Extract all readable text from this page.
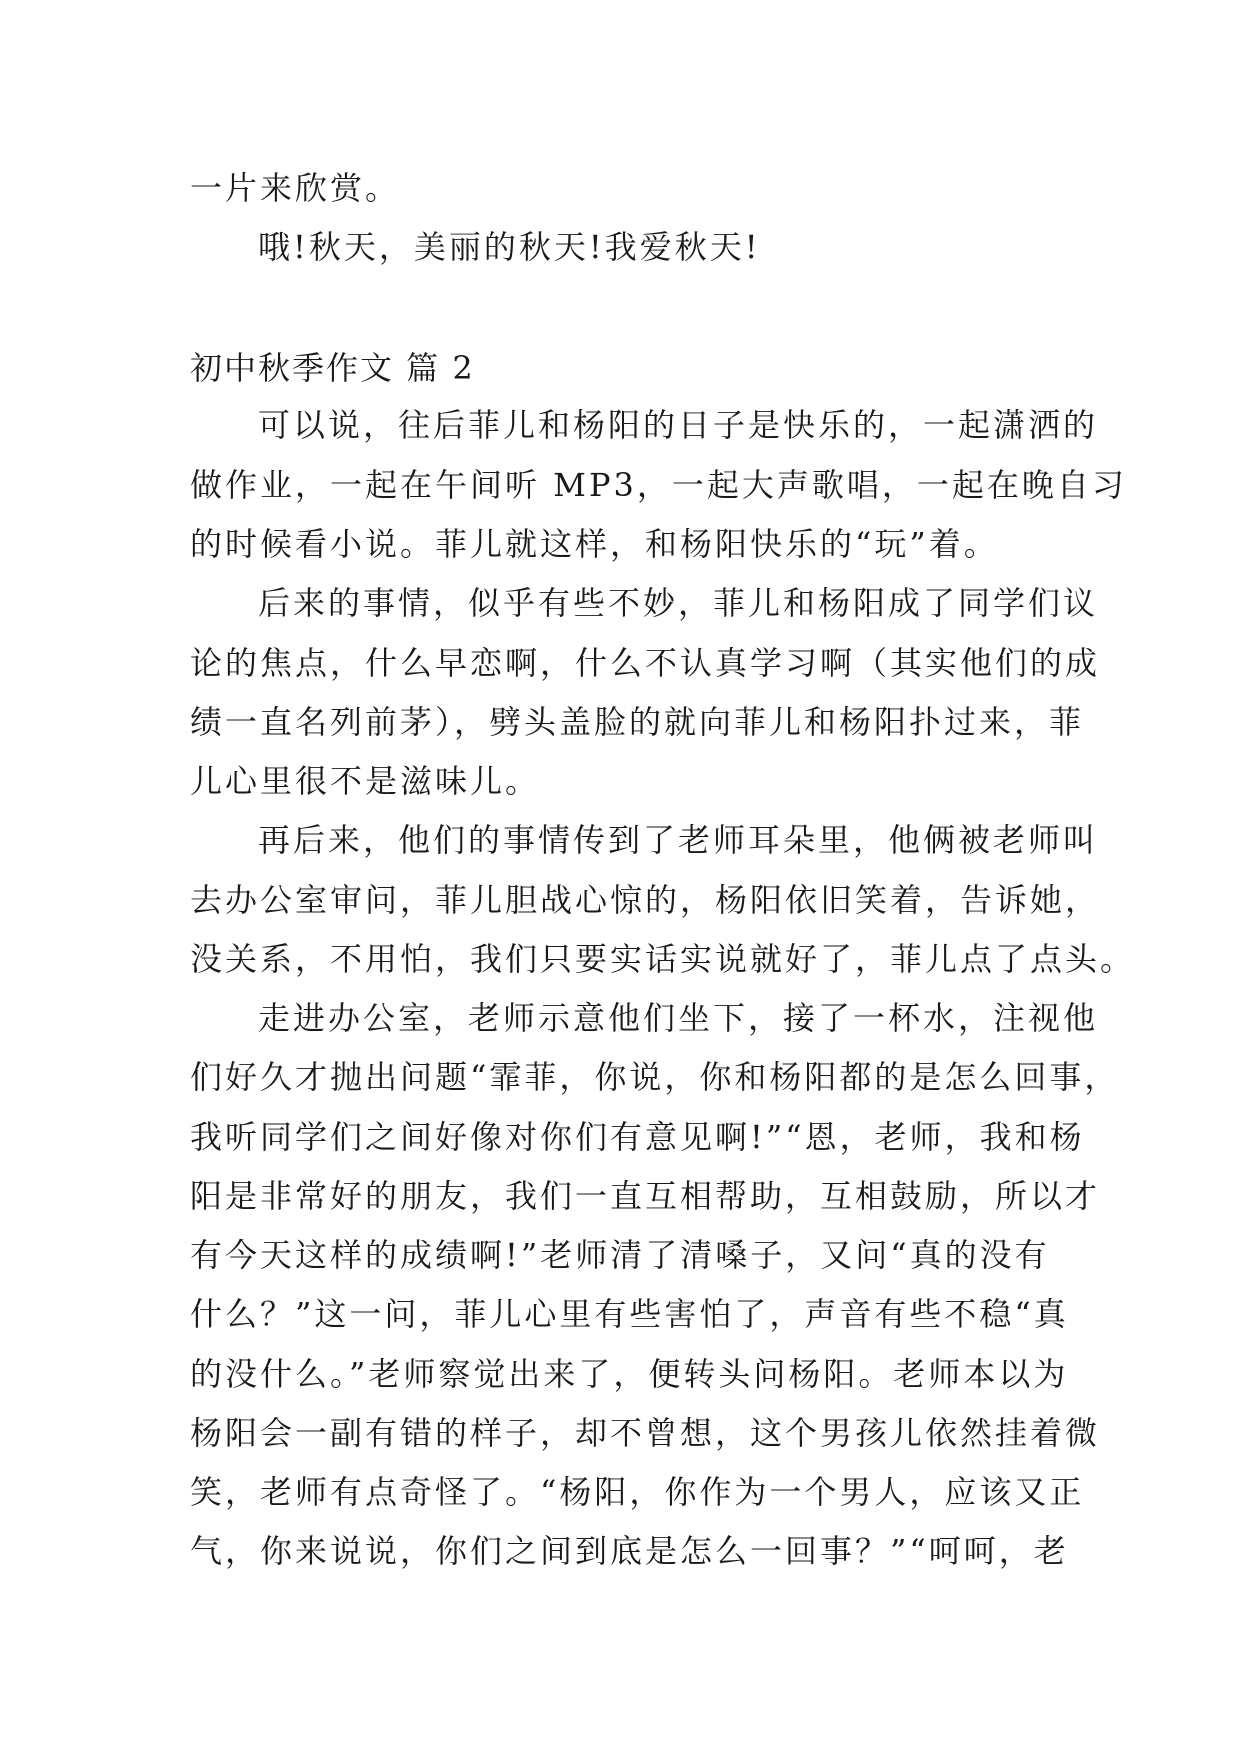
一片来欣赏。
哦!秋天，美丽的秋天!我爱秋天!
初中秋季作文 篇 2
可以说，往后菲儿和杨阳的日子是快乐的，一起潇洒的
做作业，一起在午间听 MP3，一起大声歌唱，一起在晚自习
的时候看小说。菲儿就这样，和杨阳快乐的“玩”着。
后来的事情，似乎有些不妙，菲儿和杨阳成了同学们议
论的焦点，什么早恋啊，什么不认真学习啊（其实他们的成
绩一直名列前茅），劈头盖脸的就向菲儿和杨阳扑过来，菲
儿心里很不是滋味儿。
再后来，他们的事情传到了老师耳朵里，他俩被老师叫
去办公室审问，菲儿胆战心惊的，杨阳依旧笑着，告诉她，
没关系，不用怕，我们只要实话实说就好了，菲儿点了点头。
走进办公室，老师示意他们坐下，接了一杯水，注视他
们好久才抛出问题“霏菲，你说，你和杨阳都的是怎么回事，
我听同学们之间好像对你们有意见啊!”“恩，老师，我和杨
阳是非常好的朋友，我们一直互相帮助，互相鼓励，所以才
有今天这样的成绩啊!”老师清了清嗓子，又问“真的没有
什么？”这一问，菲儿心里有些害怕了，声音有些不稳“真
的没什么。”老师察觉出来了，便转头问杨阳。老师本以为
杨阳会一副有错的样子，却不曾想，这个男孩儿依然挂着微
笑，老师有点奇怪了。“杨阳，你作为一个男人，应该又正
气，你来说说，你们之间到底是怎么一回事？”“呵呵，老
